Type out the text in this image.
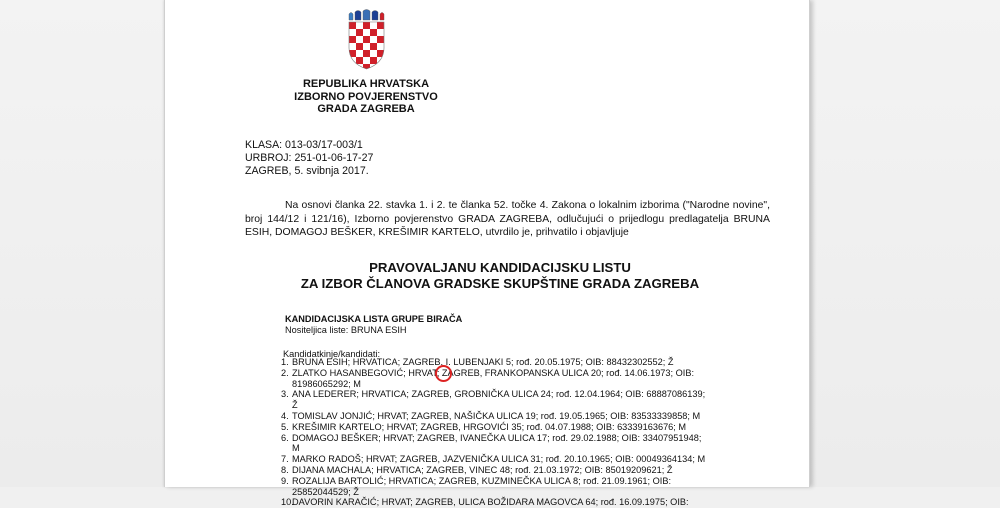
REPUBLIKA HRVATSKA
IZBORNO POVJERENSTVO
GRADA ZAGREBA
KLASA: 013-03/17-003/1
URBROJ: 251-01-06-17-27
ZAGREB, 5. svibnja 2017.
Na osnovi članka 22. stavka 1. i 2. te članka 52. točke 4. Zakona o lokalnim izborima ("Narodne novine", broj 144/12 i 121/16), Izborno povjerenstvo GRADA ZAGREBA, odlučujući o prijedlogu predlagatelja BRUNA ESIH, DOMAGOJ BEŠKER, KREŠIMIR KARTELO, utvrdilo je, prihvatilo i objavljuje
PRAVOVALJANU KANDIDACIJSKU LISTU
ZA IZBOR ČLANOVA GRADSKE SKUPŠTINE GRADA ZAGREBA
KANDIDACIJSKA LISTA GRUPE BIRAČA
Nositeljica liste: BRUNA ESIH
Kandidatkinje/kandidati:
1. BRUNA ESIH; HRVATICA; ZAGREB, I. LUBENJAKI 5; rođ. 20.05.1975; OIB: 88432302552; Ž
2. ZLATKO HASANBEGOVIĆ; HRVAT; ZAGREB, FRANKOPANSKA ULICA 20; rođ. 14.06.1973; OIB: 81986065292; M
3. ANA LEDERER; HRVATICA; ZAGREB, GROBNIČKA ULICA 24; rođ. 12.04.1964; OIB: 68887086139; Ž
4. TOMISLAV JONJIĆ; HRVAT; ZAGREB, NAŠIČKA ULICA 19; rođ. 19.05.1965; OIB: 83533339858; M
5. KREŠIMIR KARTELO; HRVAT; ZAGREB, HRGOVIĆI 35; rođ. 04.07.1988; OIB: 63339163676; M
6. DOMAGOJ BEŠKER; HRVAT; ZAGREB, IVANEČKA ULICA 17; rođ. 29.02.1988; OIB: 33407951948; M
7. MARKO RADOŠ; HRVAT; ZAGREB, JAZVENIČKA ULICA 31; rođ. 20.10.1965; OIB: 00049364134; M
8. DIJANA MACHALA; HRVATICA; ZAGREB, VINEC 48; rođ. 21.03.1972; OIB: 85019209621; Ž
9. ROZALIJA BARTOLIĆ; HRVATICA; ZAGREB, KUZMINEČKA ULICA 8; rođ. 21.09.1961; OIB: 25852044529; Ž
10.
DAVORIN KARAČIĆ; HRVAT; ZAGREB, ULICA BOŽIDARA MAGOVCA 64; rođ. 16.09.1975; OIB:
